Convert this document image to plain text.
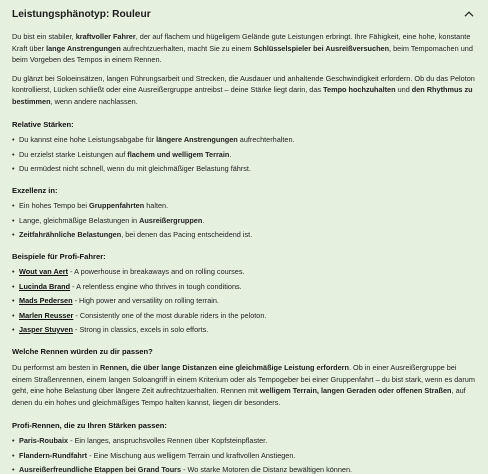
Leistungsphänotyp: Rouleur

Du bist ein stabiler, kraftvoller Fahrer, der auf flachem und hügeligem Gelände gute Leistungen erbringt. Ihre Fähigkeit, eine hohe, konstante Kraft über lange Anstrengungen aufrechtzuerhalten, macht Sie zu einem Schlüsselspieler bei Ausreißversuchen, beim Tempomachen und beim Vorgeben des Tempos in einem Rennen.

Du glänzt bei Soloeinsätzen, langen Führungsarbeit und Strecken, die Ausdauer und anhaltende Geschwindigkeit erfordern. Ob du das Peloton kontrollierst, Lücken schließt oder eine Ausreißergruppe antreibst – deine Stärke liegt darin, das Tempo hochzuhalten und den Rhythmus zu bestimmen, wenn andere nachlassen.

Relative Stärken:
• Du kannst eine hohe Leistungsabgabe für längere Anstrengungen aufrechterhalten.
• Du erzielst starke Leistungen auf flachem und welligem Terrain.
• Du ermüdest nicht schnell, wenn du mit gleichmäßiger Belastung fährst.
Exzellenz in:
• Ein hohes Tempo bei Gruppenfahrten halten.
• Lange, gleichmäßige Belastungen in Ausreißergruppen.
• Zeitfahrähnliche Belastungen, bei denen das Pacing entscheidend ist.
Beispiele für Profi-Fahrer:
• Wout van Aert - A powerhouse in breakaways and on rolling courses.
• Lucinda Brand - A relentless engine who thrives in tough conditions.
• Mads Pedersen - High power and versatility on rolling terrain.
• Marlen Reusser - Consistently one of the most durable riders in the peloton.
• Jasper Stuyven - Strong in classics, excels in solo efforts.
Welche Rennen würden zu dir passen?

Du performst am besten in Rennen, die über lange Distanzen eine gleichmäßige Leistung erfordern. Ob in einer Ausreißergruppe bei einem Straßenrennen, einem langen Soloangriff in einem Kriterium oder als Tempogeber bei einer Gruppenfahrt – du bist stark, wenn es darum geht, eine hohe Belastung über längere Zeit aufrechtzuerhalten. Rennen mit welligem Terrain, langen Geraden oder offenen Straßen, auf denen du ein hohes und gleichmäßiges Tempo halten kannst, liegen dir besonders.

Profi-Rennen, die zu Ihren Stärken passen:
• Paris-Roubaix - Ein langes, anspruchsvolles Rennen über Kopfsteinpflaster.
• Flandern-Rundfahrt - Eine Mischung aus welligem Terrain und kraftvollen Anstiegen.
• Ausreißerfreundliche Etappen bei Grand Tours - Wo starke Motoren die Distanz bewältigen können.
